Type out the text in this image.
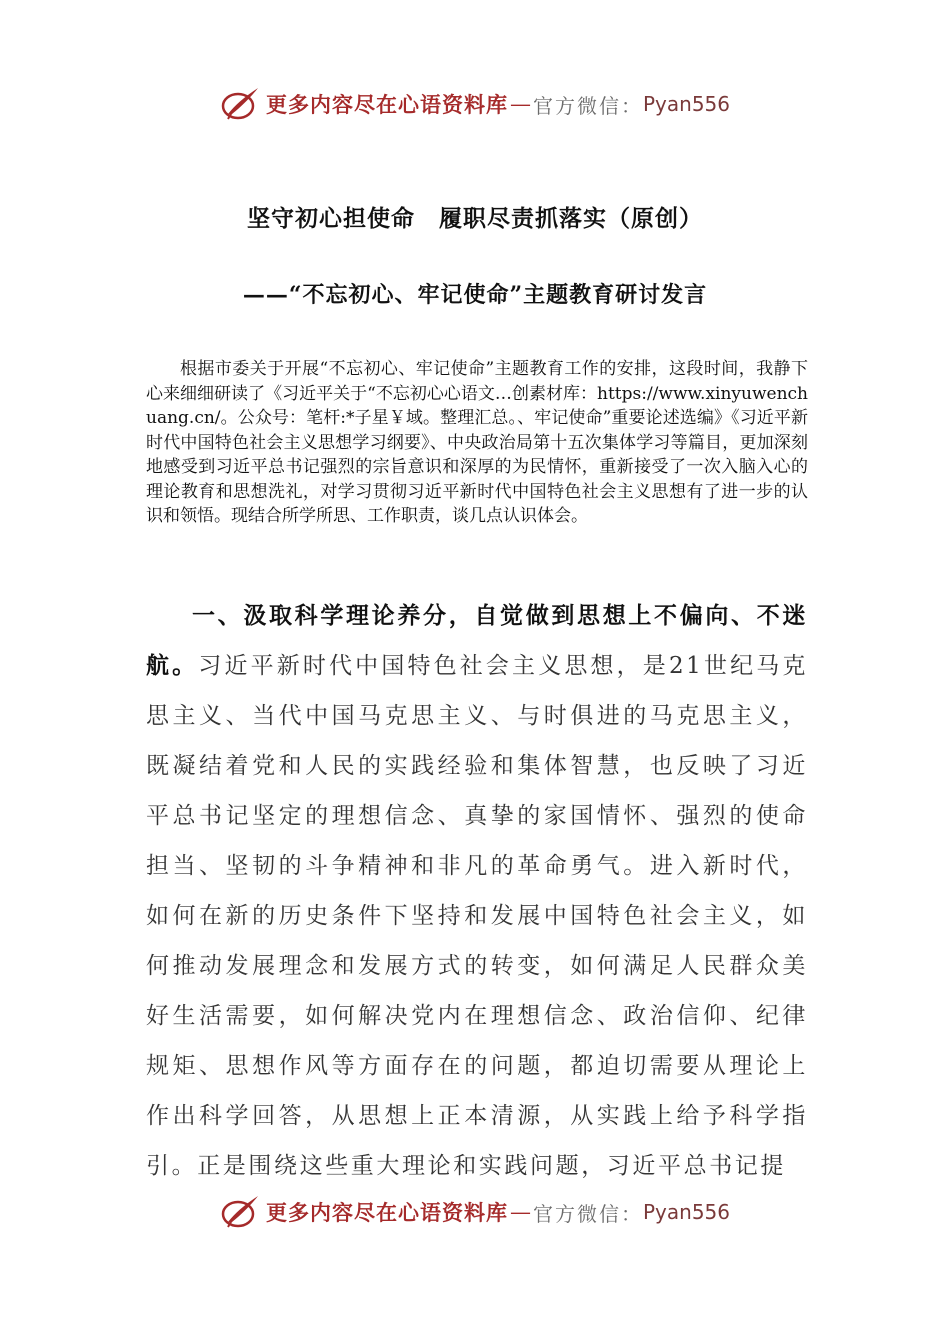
更多内容尽在心语资料库 — 官方微信： Pyan556
坚守初心担使命　履职尽责抓落实（原创）
——“不忘初心、牢记使命”主题教育研讨发言

根据市委关于开展“不忘初心、牢记使命”主题教育工作的安排，这段时间，我静下心来细细研读了《习近平关于“不忘初心心语文…创素材库：https://www.xinyuwenchuang.cn/。公众号：笔杆:*子星￥域。整理汇总。、牢记使命”重要论述选编》《习近平新时代中国特色社会主义思想学习纲要》、中央政治局第十五次集体学习等篇目，更加深刻地感受到习近平总书记强烈的宗旨意识和深厚的为民情怀，重新接受了一次入脑入心的理论教育和思想洗礼，对学习贯彻习近平新时代中国特色社会主义思想有了进一步的认识和领悟。现结合所学所思、工作职责，谈几点认识体会。

一、汲取科学理论养分，自觉做到思想上不偏向、不迷航。习近平新时代中国特色社会主义思想，是21世纪马克思主义、当代中国马克思主义、与时俱进的马克思主义，既凝结着党和人民的实践经验和集体智慧，也反映了习近平总书记坚定的理想信念、真挚的家国情怀、强烈的使命担当、坚韧的斗争精神和非凡的革命勇气。进入新时代，如何在新的历史条件下坚持和发展中国特色社会主义，如何推动发展理念和发展方式的转变，如何满足人民群众美好生活需要，如何解决党内在理想信念、政治信仰、纪律规矩、思想作风等方面存在的问题，都迫切需要从理论上作出科学回答，从思想上正本清源，从实践上给予科学指引。正是围绕这些重大理论和实践问题，习近平总书记提

更多内容尽在心语资料库 — 官方微信： Pyan556
